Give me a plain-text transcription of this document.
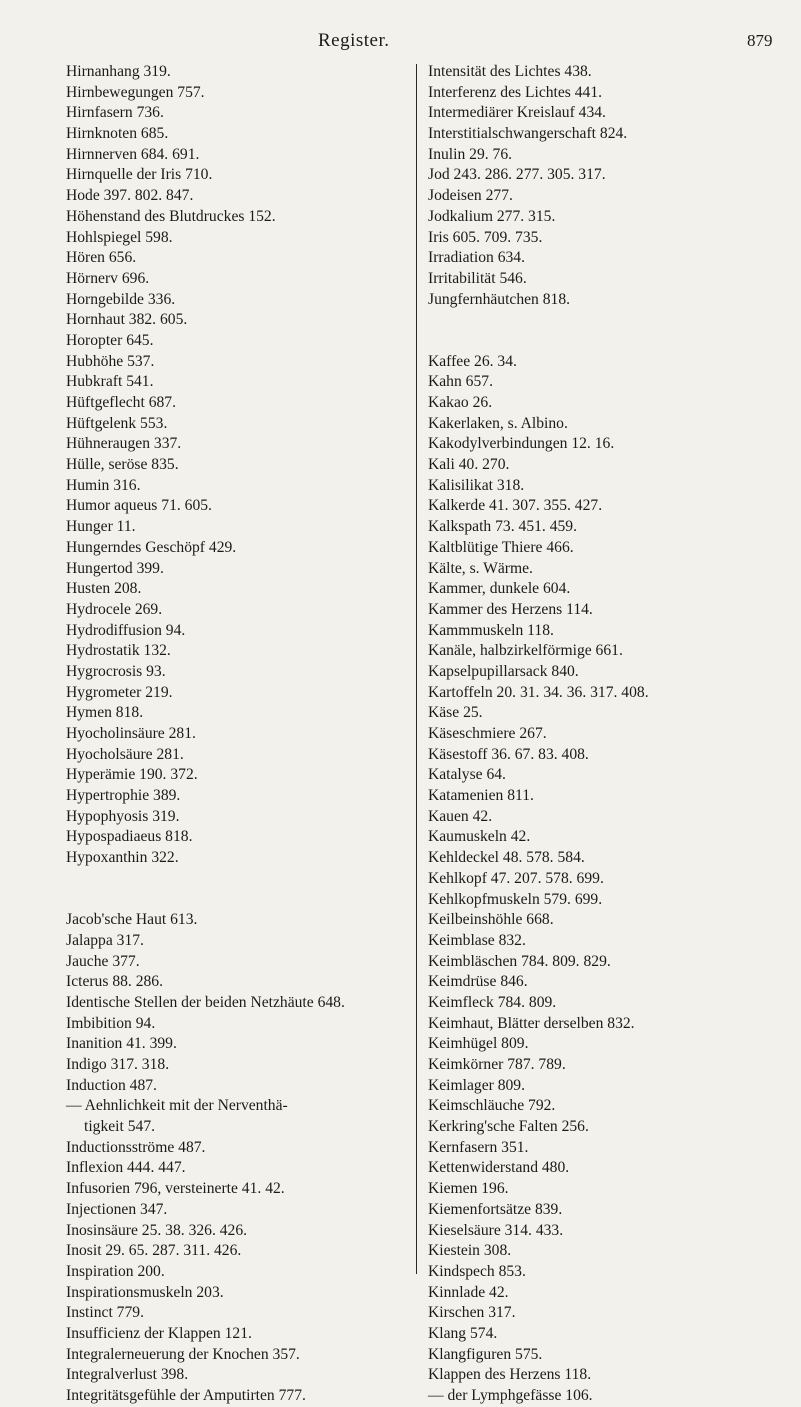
Register.	879
Hirnanhang 319.
Hirnbewegungen 757.
Hirnfasern 736.
Hirnknoten 685.
Hirnnerven 684. 691.
Hirnquelle der Iris 710.
Hode 397. 802. 847.
Höhenstand des Blutdruckes 152.
Hohlspiegel 598.
Hören 656.
Hörnerv 696.
Horngebilde 336.
Hornhaut 382. 605.
Horopter 645.
Hubhöhe 537.
Hubkraft 541.
Hüftgeflecht 687.
Hüftgelenk 553.
Hühneraugen 337.
Hülle, seröse 835.
Humin 316.
Humor aqueus 71. 605.
Hunger 11.
Hungerndes Geschöpf 429.
Hungertod 399.
Husten 208.
Hydrocele 269.
Hydrodiffusion 94.
Hydrostatik 132.
Hygrocrosis 93.
Hygrometer 219.
Hymen 818.
Hyocholinsäure 281.
Hyocholsäure 281.
Hyperämie 190. 372.
Hypertrophie 389.
Hypophyosis 319.
Hypospadiaeus 818.
Hypoxanthin 322.
Jacob'sche Haut 613.
Jalappa 317.
Jauche 377.
Icterus 88. 286.
Identische Stellen der beiden Netzhäute 648.
Imbibition 94.
Inanition 41. 399.
Indigo 317. 318.
Induction 487.
— Aehnlichkeit mit der Nerventhä-
tigkeit 547.
Inductionsströme 487.
Inflexion 444. 447.
Infusorien 796, versteinerte 41. 42.
Injectionen 347.
Inosinsäure 25. 38. 326. 426.
Inosit 29. 65. 287. 311. 426.
Inspiration 200.
Inspirationsmuskeln 203.
Instinct 779.
Insufficienz der Klappen 121.
Integralerneuerung der Knochen 357.
Integralverlust 398.
Integritätsgefühle der Amputirten 777.
Intensität des Lichtes 438.
Interferenz des Lichtes 441.
Intermediärer Kreislauf 434.
Interstitialschwangerschaft 824.
Inulin 29. 76.
Jod 243. 286. 277. 305. 317.
Jodeisen 277.
Jodkalium 277. 315.
Iris 605. 709. 735.
Irradiation 634.
Irritabilität 546.
Jungfernhäutchen 818.
Kaffee 26. 34.
Kahn 657.
Kakao 26.
Kakerlaken, s. Albino.
Kakodylverbindungen 12. 16.
Kali 40. 270.
Kalisilikat 318.
Kalkerde 41. 307. 355. 427.
Kalkspath 73. 451. 459.
Kaltblütige Thiere 466.
Kälte, s. Wärme.
Kammer, dunkele 604.
Kammer des Herzens 114.
Kammmuskeln 118.
Kanäle, halbzirkelförmige 661.
Kapselpupillarsack 840.
Kartoffeln 20. 31. 34. 36. 317. 408.
Käse 25.
Käseschmiere 267.
Käsestoff 36. 67. 83. 408.
Katalyse 64.
Katamenien 811.
Kauen 42.
Kaumuskeln 42.
Kehldeckel 48. 578. 584.
Kehlkopf 47. 207. 578. 699.
Kehlkopfmuskeln 579. 699.
Keilbeinshöhle 668.
Keimblase 832.
Keimbläschen 784. 809. 829.
Keimdrüse 846.
Keimfleck 784. 809.
Keimhaut, Blätter derselben 832.
Keimhügel 809.
Keimkörner 787. 789.
Keimlager 809.
Keimschläuche 792.
Kerkring'sche Falten 256.
Kernfasern 351.
Kettenwiderstand 480.
Kiemen 196.
Kiemenfortsätze 839.
Kieselsäure 314. 433.
Kiestein 308.
Kindspech 853.
Kinnlade 42.
Kirschen 317.
Klang 574.
Klangfiguren 575.
Klappen des Herzens 118.
— der Lymphgefässe 106.
